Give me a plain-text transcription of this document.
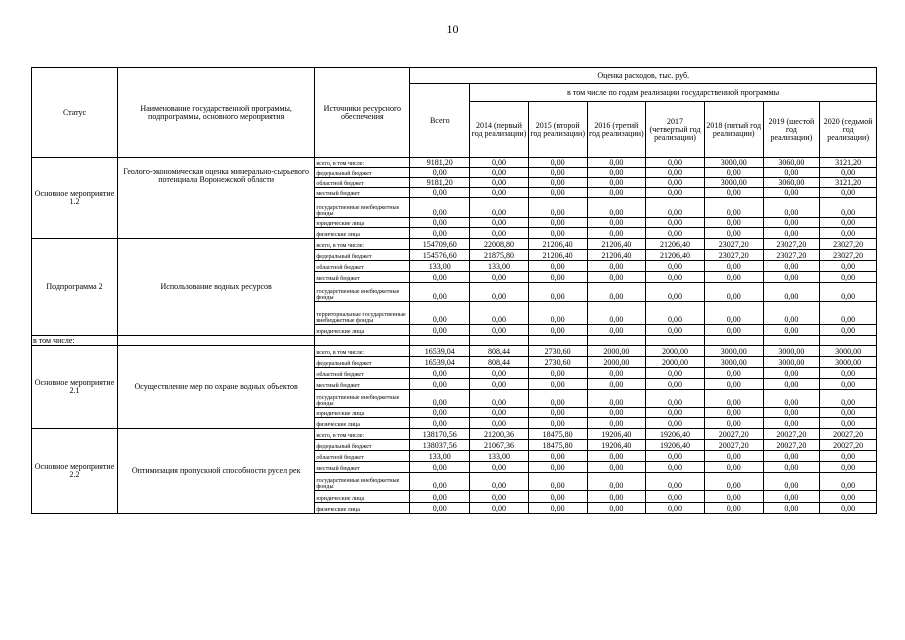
10
Статус	Наименование государственной программы, подпрограммы, основного мероприятия	Источники ресурсного обеспечения	Оценка расходов, тыс. руб.							
			Всего	в том числе по годам реализации государственной программы						
				2014 (первый год реализации)	2015 (второй год реализации)	2016 (третий год реализации)	2017 (четвертый год реализации)	2018 (пятый год реализации)	2019 (шестой год реализации)	2020 (седьмой год реализации)
Основное мероприятие 1.2	Геолого-экономическая оценка минерально-сырьевого потенциала Воронежской области	всего, в том числе:	9181,20	0,00	0,00	0,00	0,00	3000,00	3060,00	3121,20
		федеральный бюджет	0,00	0,00	0,00	0,00	0,00	0,00	0,00	0,00
		областной бюджет	9181,20	0,00	0,00	0,00	0,00	3000,00	3060,00	3121,20
		местный бюджет	0,00	0,00	0,00	0,00	0,00	0,00	0,00	0,00
		государственные внебюджетные фонды	0,00	0,00	0,00	0,00	0,00	0,00	0,00	0,00
		юридические лица	0,00	0,00	0,00	0,00	0,00	0,00	0,00	0,00
		физические лица	0,00	0,00	0,00	0,00	0,00	0,00	0,00	0,00
Подпрограмма 2	Использование водных ресурсов	всего, в том числе:	154709,60	22008,80	21206,40	21206,40	21206,40	23027,20	23027,20	23027,20
		федеральный бюджет	154576,60	21875,80	21206,40	21206,40	21206,40	23027,20	23027,20	23027,20
		областной бюджет	133,00	133,00	0,00	0,00	0,00	0,00	0,00	0,00
		местный бюджет	0,00	0,00	0,00	0,00	0,00	0,00	0,00	0,00
		государственные внебюджетные фонды	0,00	0,00	0,00	0,00	0,00	0,00	0,00	0,00
		территориальные государственные внебюджетные фонды	0,00	0,00	0,00	0,00	0,00	0,00	0,00	0,00
		юридические лица	0,00	0,00	0,00	0,00	0,00	0,00	0,00	0,00
в том числе:										
Основное мероприятие 2.1	Осуществление мер по охране водных объектов	всего, в том числе:	16539,04	808,44	2730,60	2000,00	2000,00	3000,00	3000,00	3000,00
		федеральный бюджет	16539,04	808,44	2730,60	2000,00	2000,00	3000,00	3000,00	3000,00
		областной бюджет	0,00	0,00	0,00	0,00	0,00	0,00	0,00	0,00
		местный бюджет	0,00	0,00	0,00	0,00	0,00	0,00	0,00	0,00
		государственные внебюджетные фонды	0,00	0,00	0,00	0,00	0,00	0,00	0,00	0,00
		юридические лица	0,00	0,00	0,00	0,00	0,00	0,00	0,00	0,00
		физические лица	0,00	0,00	0,00	0,00	0,00	0,00	0,00	0,00
Основное мероприятие 2.2	Оптимизация пропускной способности русел рек	всего, в том числе:	138170,56	21200,36	18475,80	19206,40	19206,40	20027,20	20027,20	20027,20
		федеральный бюджет	138037,56	21067,36	18475,80	19206,40	19206,40	20027,20	20027,20	20027,20
		областной бюджет	133,00	133,00	0,00	0,00	0,00	0,00	0,00	0,00
		местный бюджет	0,00	0,00	0,00	0,00	0,00	0,00	0,00	0,00
		государственные внебюджетные фонды	0,00	0,00	0,00	0,00	0,00	0,00	0,00	0,00
		юридические лица	0,00	0,00	0,00	0,00	0,00	0,00	0,00	0,00
		физические лица	0,00	0,00	0,00	0,00	0,00	0,00	0,00	0,00
